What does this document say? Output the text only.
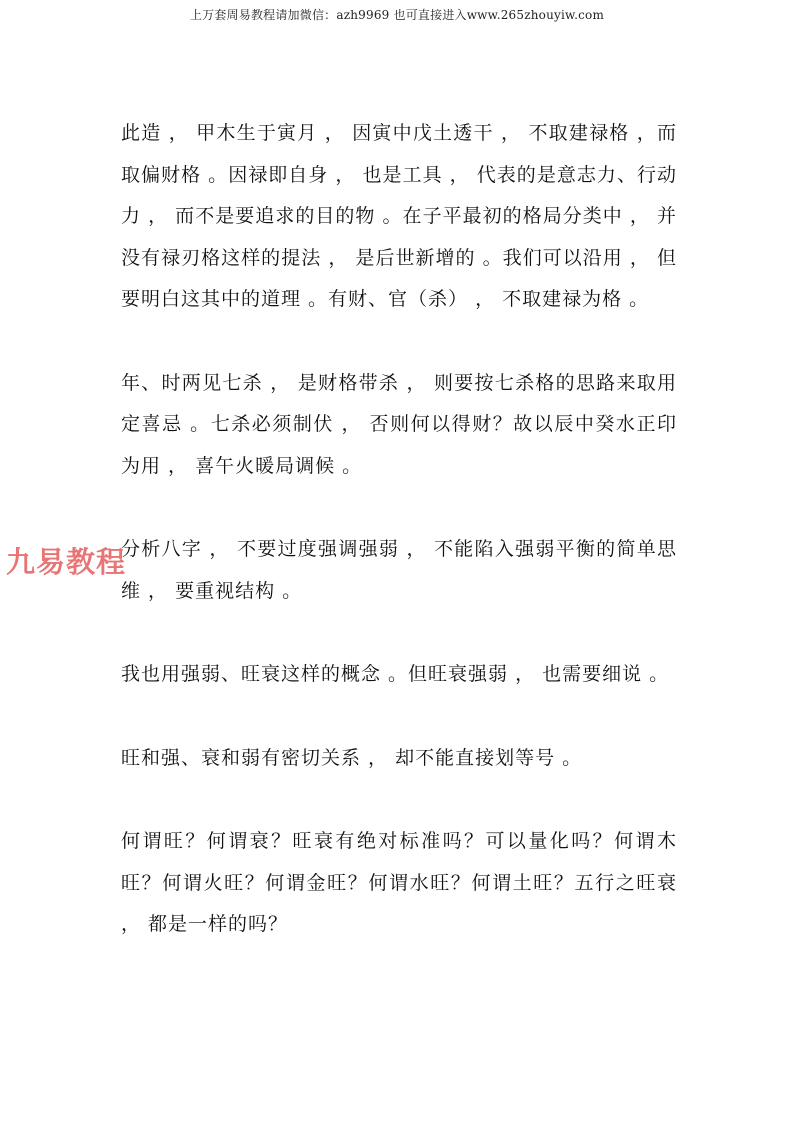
上万套周易教程请加微信：azh9969 也可直接进入www.265zhouyiw.com
九易教程

此造 ， 甲木生于寅月 ， 因寅中戊土透干 ， 不取建禄格 ，而取偏财格 。因禄即自身 ， 也是工具 ， 代表的是意志力、行动力 ， 而不是要追求的目的物 。在子平最初的格局分类中 ， 并没有禄刃格这样的提法 ， 是后世新增的 。我们可以沿用 ， 但要明白这其中的道理 。有财、官（杀） ， 不取建禄为格 。

年、时两见七杀 ， 是财格带杀 ， 则要按七杀格的思路来取用定喜忌 。七杀必须制伏 ， 否则何以得财？故以辰中癸水正印为用 ， 喜午火暖局调候 。

分析八字 ， 不要过度强调强弱 ， 不能陷入强弱平衡的简单思维 ， 要重视结构 。

我也用强弱、旺衰这样的概念 。但旺衰强弱 ， 也需要细说 。

旺和强、衰和弱有密切关系 ， 却不能直接划等号 。

何谓旺？何谓衰？旺衰有绝对标准吗？可以量化吗？何谓木旺？何谓火旺？何谓金旺？何谓水旺？何谓土旺？五行之旺衰 ， 都是一样的吗？
